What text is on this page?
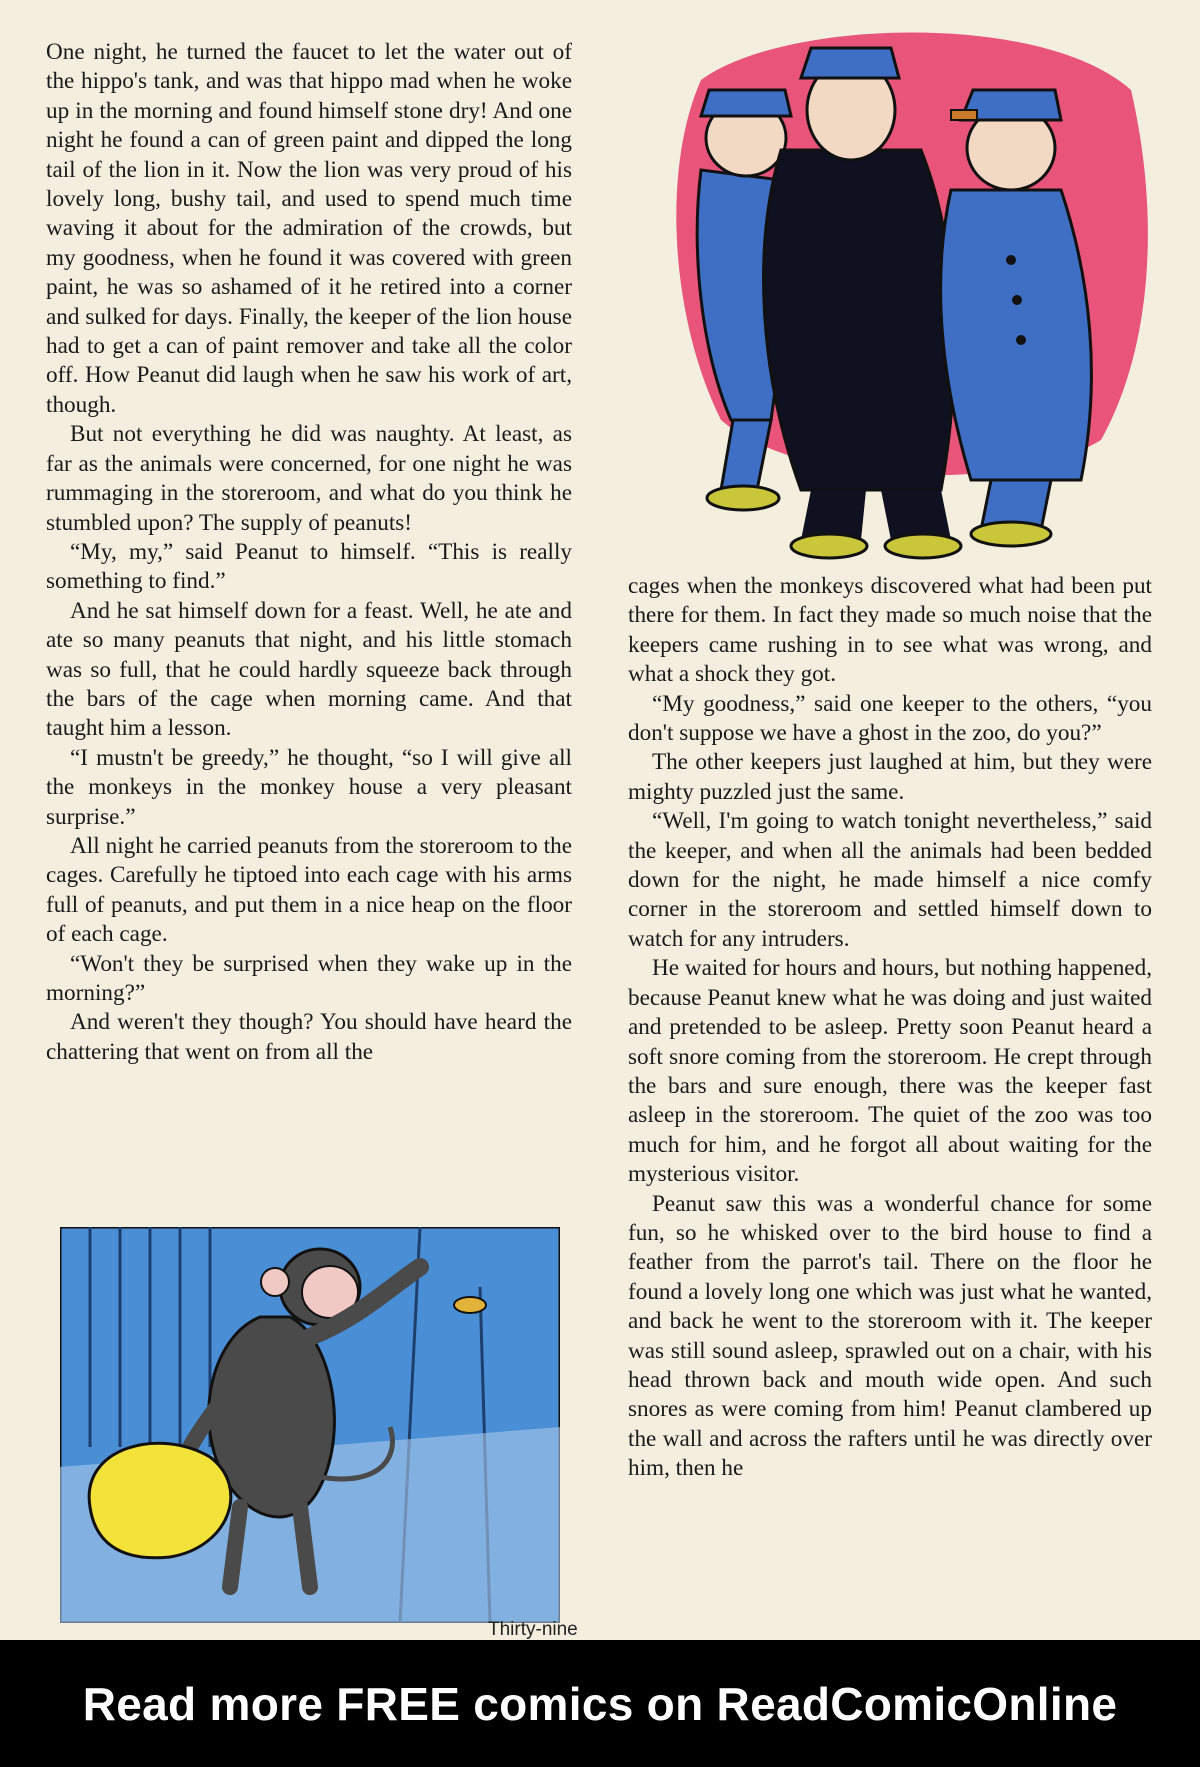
One night, he turned the faucet to let the water out of the hippo's tank, and was that hippo mad when he woke up in the morning and found himself stone dry! And one night he found a can of green paint and dipped the long tail of the lion in it. Now the lion was very proud of his lovely long, bushy tail, and used to spend much time waving it about for the admiration of the crowds, but my goodness, when he found it was covered with green paint, he was so ashamed of it he retired into a corner and sulked for days. Finally, the keeper of the lion house had to get a can of paint remover and take all the color off. How Peanut did laugh when he saw his work of art, though.

But not everything he did was naughty. At least, as far as the animals were concerned, for one night he was rummaging in the storeroom, and what do you think he stumbled upon? The supply of peanuts!

“My, my,” said Peanut to himself. “This is really something to find.”

And he sat himself down for a feast. Well, he ate and ate so many peanuts that night, and his little stomach was so full, that he could hardly squeeze back through the bars of the cage when morning came. And that taught him a lesson.

“I mustn't be greedy,” he thought, “so I will give all the monkeys in the monkey house a very pleasant surprise.”

All night he carried peanuts from the storeroom to the cages. Carefully he tiptoed into each cage with his arms full of peanuts, and put them in a nice heap on the floor of each cage.

“Won't they be surprised when they wake up in the morning?”

And weren't they though? You should have heard the chattering that went on from all the

cages when the monkeys discovered what had been put there for them. In fact they made so much noise that the keepers came rushing in to see what was wrong, and what a shock they got.

“My goodness,” said one keeper to the others, “you don't suppose we have a ghost in the zoo, do you?”

The other keepers just laughed at him, but they were mighty puzzled just the same.

“Well, I'm going to watch tonight nevertheless,” said the keeper, and when all the animals had been bedded down for the night, he made himself a nice comfy corner in the storeroom and settled himself down to watch for any intruders.

He waited for hours and hours, but nothing happened, because Peanut knew what he was doing and just waited and pretended to be asleep. Pretty soon Peanut heard a soft snore coming from the storeroom. He crept through the bars and sure enough, there was the keeper fast asleep in the storeroom. The quiet of the zoo was too much for him, and he forgot all about waiting for the mysterious visitor.

Peanut saw this was a wonderful chance for some fun, so he whisked over to the bird house to find a feather from the parrot's tail. There on the floor he found a lovely long one which was just what he wanted, and back he went to the storeroom with it. The keeper was still sound asleep, sprawled out on a chair, with his head thrown back and mouth wide open. And such snores as were coming from him! Peanut clambered up the wall and across the rafters until he was directly over him, then he

Thirty-nine
Read more FREE comics on ReadComicOnline
